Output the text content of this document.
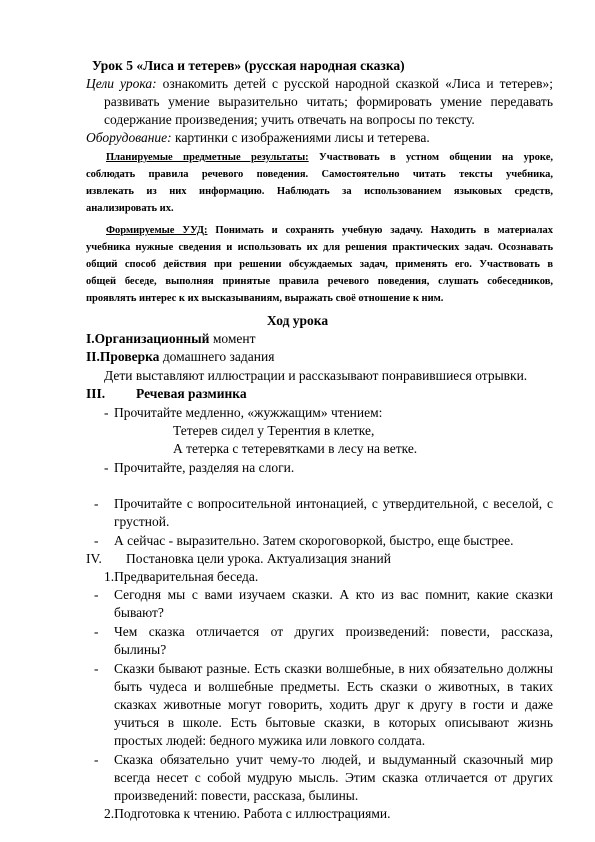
Урок 5 «Лиса и тетерев» (русская народная сказка)
Цели урока: ознакомить детей с русской народной сказкой «Лиса и тетерев»;
развивать умение выразительно читать; формировать умение передавать
содержание произведения; учить отвечать на вопросы по тексту.
Оборудование: картинки с изображениями лисы и тетерева.
Планируемые предметные результаты: Участвовать в устном общении на уроке,
соблюдать правила речевого поведения. Самостоятельно читать тексты учебника,
извлекать из них информацию. Наблюдать за использованием языковых средств,
анализировать их.
Формируемые УУД: Понимать и сохранять учебную задачу. Находить в материалах
учебника нужные сведения и использовать их для решения практических задач. Осознавать
общий способ действия при решении обсуждаемых задач, применять его. Участвовать в
общей беседе, выполняя принятые правила речевого поведения, слушать собеседников,
проявлять интерес к их высказываниям, выражать своё отношение к ним.
Ход урока
I.Организационный момент
II.Проверка домашнего задания
Дети выставляют иллюстрации и рассказывают понравившиеся отрывки.
III. Речевая разминка
- Прочитайте медленно, «жужжащим» чтением:
Тетерев сидел у Терентия в клетке,
А тетерка с тетеревятками в лесу на ветке.
- Прочитайте, разделяя на слоги.
- Прочитайте с вопросительной интонацией, с утвердительной, с веселой, с
грустной.
- А сейчас - выразительно. Затем скороговоркой, быстро, еще быстрее.
IV. Постановка цели урока. Актуализация знаний
1.Предварительная беседа.
- Сегодня мы с вами изучаем сказки. А кто из вас помнит, какие сказки
бывают?
- Чем сказка отличается от других произведений: повести, рассказа,
былины?
- Сказки бывают разные. Есть сказки волшебные, в них обязательно должны
быть чудеса и волшебные предметы. Есть сказки о животных, в таких
сказках животные могут говорить, ходить друг к другу в гости и даже
учиться в школе. Есть бытовые сказки, в которых описывают жизнь
простых людей: бедного мужика или ловкого солдата.
- Сказка обязательно учит чему-то людей, и выдуманный сказочный мир
всегда несет с собой мудрую мысль. Этим сказка отличается от других
произведений: повести, рассказа, былины.
2.Подготовка к чтению. Работа с иллюстрациями.
